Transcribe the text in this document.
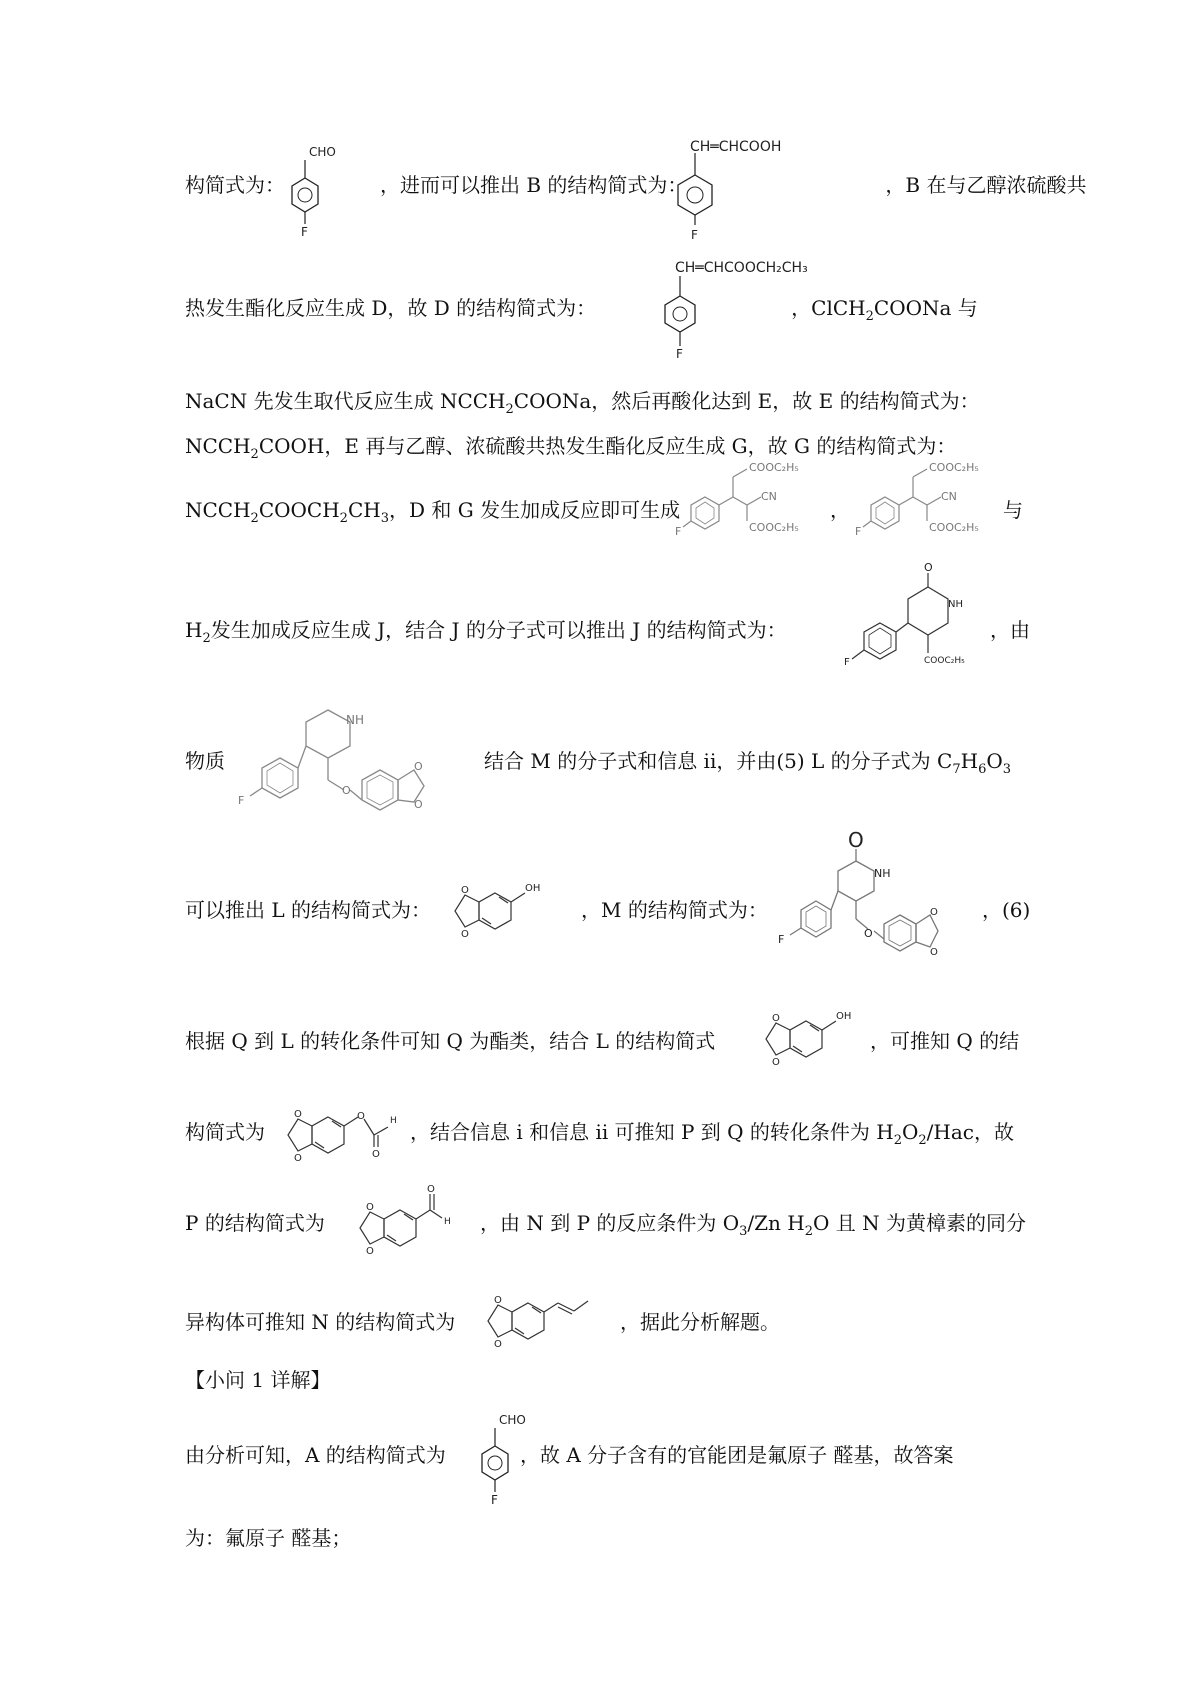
构简式为：	，进而可以推出 B 的结构简式为：	，B 在与乙醇浓硫酸共
CHO
F
CH═CHCOOH
F
热发生酯化反应生成 D，故 D 的结构简式为：	，ClCH$_2$COONa 与
CH═CHCOOCH₂CH₃
F
NaCN 先发生取代反应生成 $NCCH_2COONa$，然后再酸化达到 E，故 E 的结构简式为：
$NCCH_2COOH$，E 再与乙醇、浓硫酸共热发生酯化反应生成 G，故 G 的结构简式为：
$NCCH_2COOCH_2CH_3$，D 和 G 发生加成反应即可生成	，	与
COOC₂H₅
CN
COOC₂H₅
F
COOC₂H₅
CN
COOC₂H₅
F
$H_2$发生加成反应生成 J，结合 J 的分子式可以推出 J 的结构简式为：	，由
O
NH
COOC₂H₅
F
物质	结合 M 的分子式和信息 ii，并由(5) L 的分子式为 $C_7H_6O_3$
NH
O
O
O
F
可以推出 L 的结构简式为：	，M 的结构简式为：	，(6)
O
O
OH
O
NH
O
O
O
F
根据 Q 到 L 的转化条件可知 Q 为酯类，结合 L 的结构简式	，可推知 Q 的结
O
O
OH
构简式为	，结合信息 i 和信息 ii 可推知 P 到 Q 的转化条件为 $H_2O_2$/Hac，故
O
O
O
O
H
P 的结构简式为	，由 N 到 P 的反应条件为 $O_3/Zn$ $H_2O$ 且 N 为黄樟素的同分
O
O
O
H
异构体可推知 N 的结构简式为	，据此分析解题。
O
O
【小问 1 详解】
由分析可知，A 的结构简式为	，故 A 分子含有的官能团是氟原子 醛基，故答案
CHO
F
为：氟原子 醛基；
